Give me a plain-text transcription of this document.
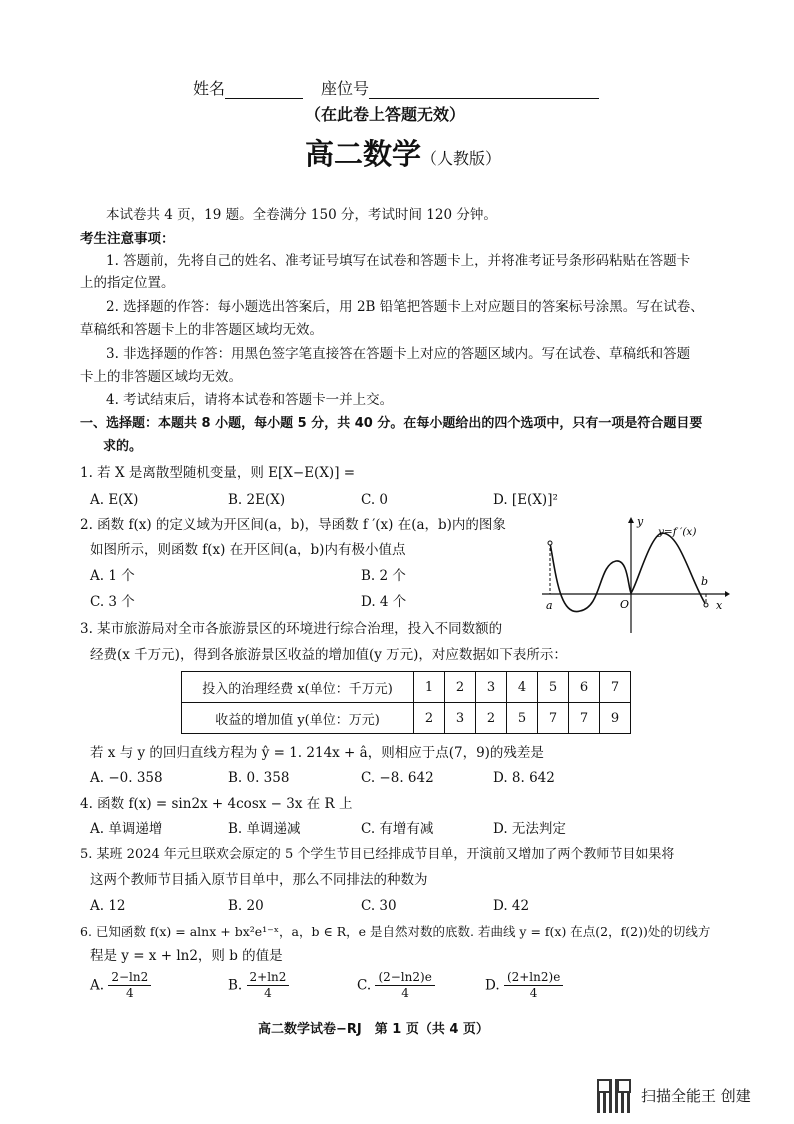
姓名	座位号
（在此卷上答题无效）
高二数学（人教版）
本试卷共 4 页，19 题。全卷满分 150 分，考试时间 120 分钟。
考生注意事项：
1. 答题前，先将自己的姓名、准考证号填写在试卷和答题卡上，并将准考证号条形码粘贴在答题卡
上的指定位置。
2. 选择题的作答：每小题选出答案后，用 2B 铅笔把答题卡上对应题目的答案标号涂黑。写在试卷、
草稿纸和答题卡上的非答题区域均无效。
3. 非选择题的作答：用黑色签字笔直接答在答题卡上对应的答题区域内。写在试卷、草稿纸和答题
卡上的非答题区域均无效。
4. 考试结束后，请将本试卷和答题卡一并上交。
一、选择题：本题共 8 小题，每小题 5 分，共 40 分。在每小题给出的四个选项中，只有一项是符合题目要
求的。
1. 若 X 是离散型随机变量，则 E[X−E(X)] =
A. E(X)	B. 2E(X)	C. 0	D. [E(X)]²
2. 函数 f(x) 的定义域为开区间(a，b)，导函数 f ′(x) 在(a，b)内的图象
如图所示，则函数 f(x) 在开区间(a，b)内有极小值点
A. 1 个	B. 2 个
C. 3 个	D. 4 个
y
x
y=f ′(x)
a
b
O
3. 某市旅游局对全市各旅游景区的环境进行综合治理，投入不同数额的
经费(x 千万元)，得到各旅游景区收益的增加值(y 万元)，对应数据如下表所示：
投入的治理经费 x(单位：千万元)	1	2	3	4	5	6	7
收益的增加值 y(单位：万元)	2	3	2	5	7	7	9
若 x 与 y 的回归直线方程为 ŷ = 1. 214x + â，则相应于点(7，9)的残差是
A. −0. 358	B. 0. 358	C. −8. 642	D. 8. 642
4. 函数 f(x) = sin2x + 4cosx − 3x 在 R 上
A. 单调递增	B. 单调递减	C. 有增有减	D. 无法判定
5. 某班 2024 年元旦联欢会原定的 5 个学生节目已经排成节目单，开演前又增加了两个教师节目如果将
这两个教师节目插入原节目单中，那么不同排法的种数为
A. 12	B. 20	C. 30	D. 42
6. 已知函数 f(x) = alnx + bx²e¹⁻ˣ，a，b ∈ R，e 是自然对数的底数. 若曲线 y = f(x) 在点(2，f(2))处的切线方
程是 y = x + ln2，则 b 的值是
A. $\frac{2-\ln 2}{4}$	B. $\frac{2+\ln 2}{4}$	C. $\frac{(2-\ln 2)e}{4}$	D. $\frac{(2+\ln 2)e}{4}$
高二数学试卷−RJ　第 1 页（共 4 页）
扫描全能王 创建
